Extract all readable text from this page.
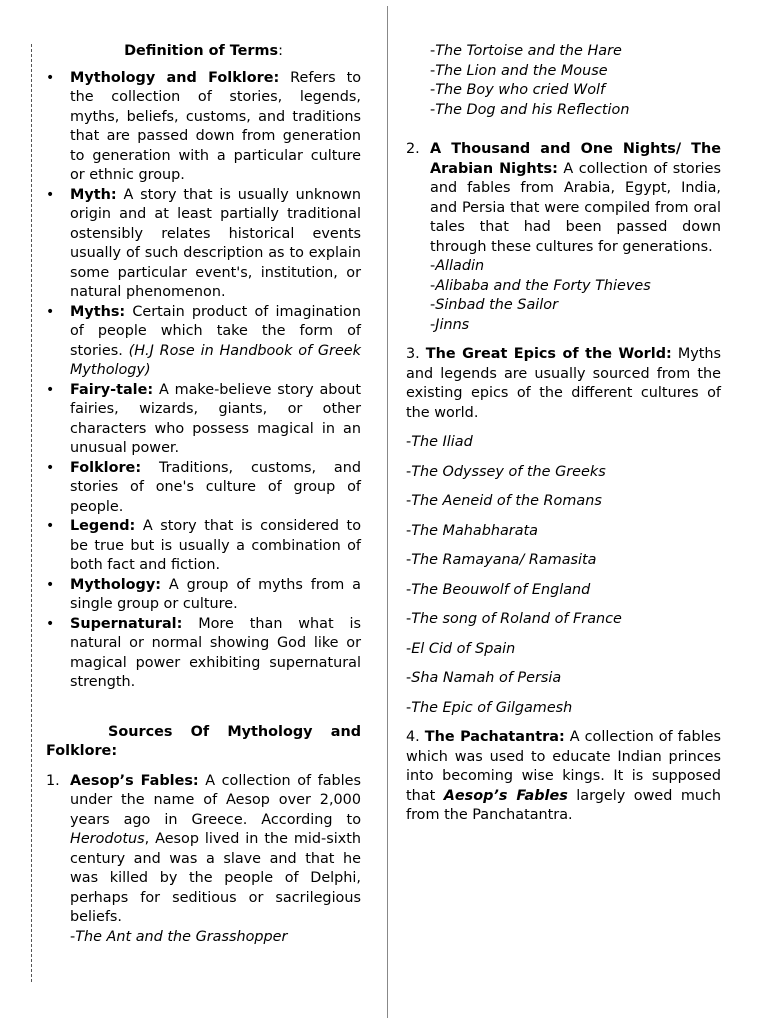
Definition of Terms:
• Mythology and Folklore: Refers to the collection of stories, legends, myths, beliefs, customs, and traditions that are passed down from generation to generation with a particular culture or ethnic group.
• Myth: A story that is usually unknown origin and at least partially traditional ostensibly relates historical events usually of such description as to explain some particular event's, institution, or natural phenomenon.
• Myths: Certain product of imagination of people which take the form of stories. (H.J Rose in Handbook of Greek Mythology)
• Fairy-tale: A make-believe story about fairies, wizards, giants, or other characters who possess magical in an unusual power.
• Folklore: Traditions, customs, and stories of one's culture of group of people.
• Legend: A story that is considered to be true but is usually a combination of both fact and fiction.
• Mythology: A group of myths from a single group or culture.
• Supernatural: More than what is natural or normal showing God like or magical power exhibiting supernatural strength.
Sources Of Mythology and Folklore:
1. Aesop’s Fables: A collection of fables under the name of Aesop over 2,000 years ago in Greece. According to Herodotus, Aesop lived in the mid-sixth century and was a slave and that he was killed by the people of Delphi, perhaps for seditious or sacrilegious beliefs.
-The Ant and the Grasshopper
-The Tortoise and the Hare
-The Lion and the Mouse
-The Boy who cried Wolf
-The Dog and his Reflection
2. A Thousand and One Nights/ The Arabian Nights: A collection of stories and fables from Arabia, Egypt, India, and Persia that were compiled from oral tales that had been passed down through these cultures for generations.
-Alladin
-Alibaba and the Forty Thieves
-Sinbad the Sailor
-Jinns
3. The Great Epics of the World: Myths and legends are usually sourced from the existing epics of the different cultures of the world.
-The Iliad
-The Odyssey of the Greeks
-The Aeneid of the Romans
-The Mahabharata
-The Ramayana/ Ramasita
-The Beouwolf of England
-The song of Roland of France
-El Cid of Spain
-Sha Namah of Persia
-The Epic of Gilgamesh
4. The Pachatantra: A collection of fables which was used to educate Indian princes into becoming wise kings. It is supposed that Aesop’s Fables largely owed much from the Panchatantra.
